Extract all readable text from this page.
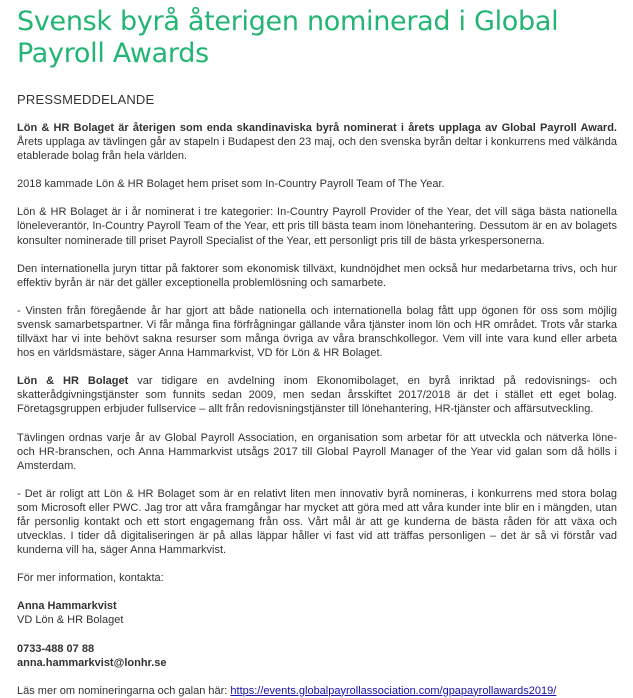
Svensk byrå återigen nominerad i Global Payroll Awards
PRESSMEDDELANDE

Lön & HR Bolaget är återigen som enda skandinaviska byrå nominerat i årets upplaga av Global Payroll Award. Årets upplaga av tävlingen går av stapeln i Budapest den 23 maj, och den svenska byrån deltar i konkurrens med välkända etablerade bolag från hela världen.

2018 kammade Lön & HR Bolaget hem priset som In-Country Payroll Team of The Year.

Lön & HR Bolaget är i år nominerat i tre kategorier: In-Country Payroll Provider of the Year, det vill säga bästa nationella löneleverantör, In-Country Payroll Team of the Year, ett pris till bästa team inom lönehantering. Dessutom är en av bolagets konsulter nominerade till priset Payroll Specialist of the Year, ett personligt pris till de bästa yrkespersonerna.

Den internationella juryn tittar på faktorer som ekonomisk tillväxt, kundnöjdhet men också hur medarbetarna trivs, och hur effektiv byrån är när det gäller exceptionella problemlösning och samarbete.

- Vinsten från föregående år har gjort att både nationella och internationella bolag fått upp ögonen för oss som möjlig svensk samarbetspartner. Vi får många fina förfrågningar gällande våra tjänster inom lön och HR området. Trots vår starka tillväxt har vi inte behövt sakna resurser som många övriga av våra branschkollegor. Vem vill inte vara kund eller arbeta hos en världsmästare, säger Anna Hammarkvist, VD för Lön & HR Bolaget.

Lön & HR Bolaget var tidigare en avdelning inom Ekonomibolaget, en byrå inriktad på redovisnings- och skatterådgivningstjänster som funnits sedan 2009, men sedan årsskiftet 2017/2018 är det i stället ett eget bolag. Företagsgruppen erbjuder fullservice – allt från redovisningstjänster till lönehantering, HR-tjänster och affärsutveckling.

Tävlingen ordnas varje år av Global Payroll Association, en organisation som arbetar för att utveckla och nätverka löne- och HR-branschen, och Anna Hammarkvist utsågs 2017 till Global Payroll Manager of the Year vid galan som då hölls i Amsterdam.

- Det är roligt att Lön & HR Bolaget som är en relativt liten men innovativ byrå nomineras, i konkurrens med stora bolag som Microsoft eller PWC. Jag tror att våra framgångar har mycket att göra med att våra kunder inte blir en i mängden, utan får personlig kontakt och ett stort engagemang från oss. Vårt mål är att ge kunderna de bästa råden för att växa och utvecklas. I tider då digitaliseringen är på allas läppar håller vi fast vid att träffas personligen – det är så vi förstår vad kunderna vill ha, säger Anna Hammarkvist.

För mer information, kontakta:

Anna Hammarkvist
VD Lön & HR Bolaget

0733-488 07 88
anna.hammarkvist@lonhr.se

Läs mer om nomineringarna och galan här: https://events.globalpayrollassociation.com/gpapayrollawards2019/
